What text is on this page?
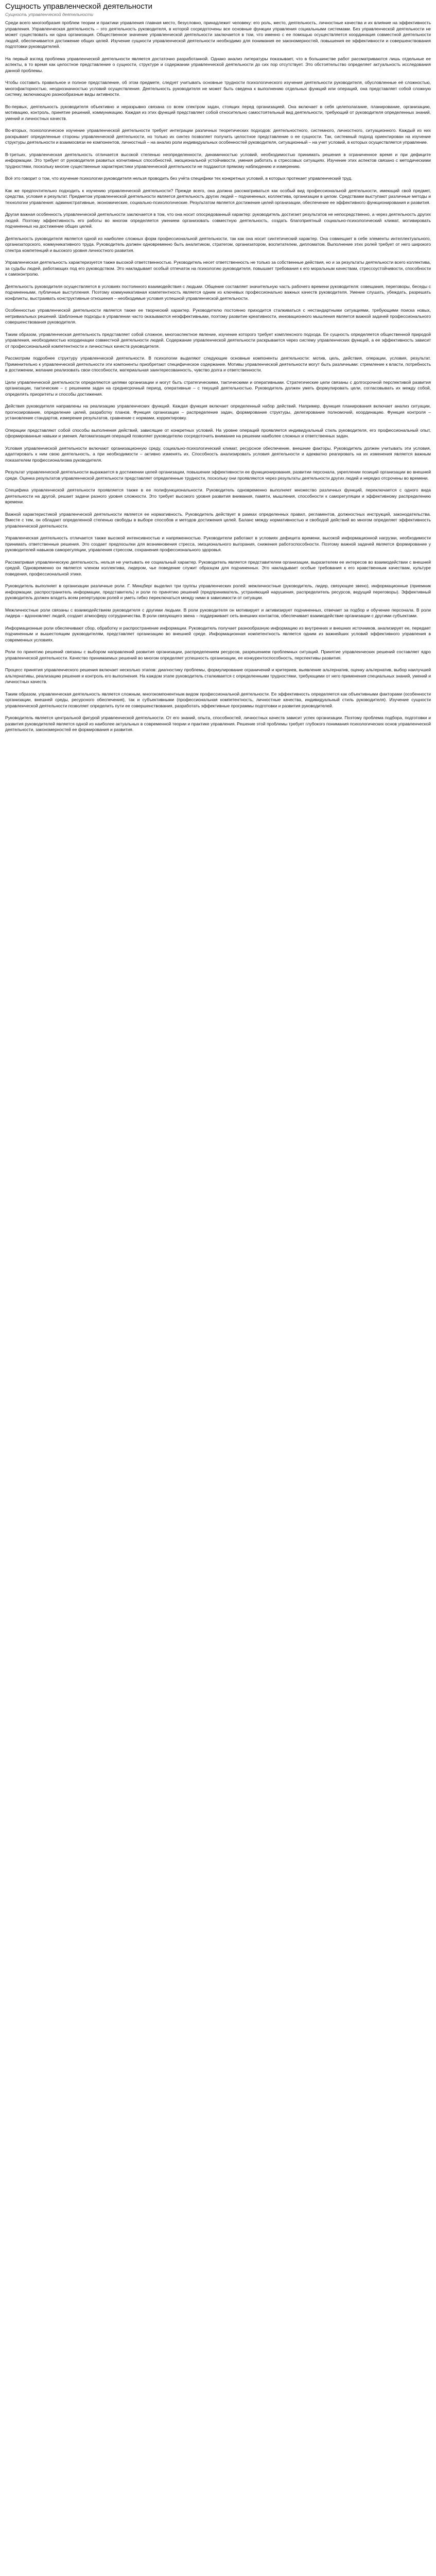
Сущность управленческой деятельности
Сущность управленческой деятельности

Среди всего многообразия проблем теории и практики управления главная место, безусловно, принадлежит человеку: его роль, место, деятельность, личностные качества и их влияние на эффективность управления. Управленческая деятельность – это деятельность руководителя, в которой сосредоточены все основные функции управления социальными системами. Без управленческой деятельности не может существовать ни одна организация. Общественное значение управленческой деятельности заключается в том, что именно с ее помощью осуществляется координация совместной деятельности людей, обеспечивается достижение общих целей. Изучение сущности управленческой деятельности необходимо для понимания ее закономерностей, повышения ее эффективности и совершенствования подготовки руководителей.

На первый взгляд проблема управленческой деятельности является достаточно разработанной. Однако анализ литературы показывает, что в большинстве работ рассматриваются лишь отдельные ее аспекты, в то время как целостное представление о сущности, структуре и содержании управленческой деятельности до сих пор отсутствует. Это обстоятельство определяет актуальность исследования данной проблемы.

Чтобы составить правильное и полное представление, об этом предмете, следует учитывать основные трудности психологического изучения деятельности руководителя, обусловленные её сложностью, многофакторностью, неоднозначностью условий осуществления. Деятельность руководителя не может быть сведена к выполнению отдельных функций или операций, она представляет собой сложную систему, включающую разнообразные виды активности.

Во-первых, деятельность руководителя объективно и неразрывно связана со всем спектром задач, стоящих перед организацией. Она включает в себя целеполагание, планирование, организацию, мотивацию, контроль, принятие решений, коммуникацию. Каждая из этих функций представляет собой относительно самостоятельный вид деятельности, требующий от руководителя определенных знаний, умений и личностных качеств.

Во-вторых, психологическое изучение управленческой деятельности требует интеграции различных теоретических подходов: деятельностного, системного, личностного, ситуационного. Каждый из них раскрывает определенные стороны управленческой деятельности, но только их синтез позволяет получить целостное представление о ее сущности. Так, системный подход ориентирован на изучение структуры деятельности и взаимосвязи ее компонентов, личностный – на анализ роли индивидуальных особенностей руководителя, ситуационный – на учет условий, в которых осуществляется управление.

В-третьих, управленческая деятельность отличается высокой степенью неопределенности, динамичностью условий, необходимостью принимать решения в ограниченное время и при дефиците информации. Это требует от руководителя развитых когнитивных способностей, эмоциональной устойчивости, умения работать в стрессовых ситуациях. Изучение этих аспектов связано с методическими трудностями, поскольку многие существенные характеристики управленческой деятельности не поддаются прямому наблюдению и измерению.

Всё это говорит о том, что изучение психологии руководителя нельзя проводить без учёта специфики тех конкретных условий, в которых протекает управленческий труд.

Как же предпочтительно подходить к изучению управленческой деятельности? Прежде всего, она должна рассматриваться как особый вид профессиональной деятельности, имеющий свой предмет, средства, условия и результат. Предметом управленческой деятельности является деятельность других людей – подчиненных, коллектива, организации в целом. Средствами выступают различные методы и технологии управления: административные, экономические, социально-психологические. Результатом является достижение целей организации, обеспечение ее эффективного функционирования и развития.

Другая важная особенность управленческой деятельности заключается в том, что она носит опосредованный характер: руководитель достигает результатов не непосредственно, а через деятельность других людей. Поэтому эффективность его работы во многом определяется умением организовать совместную деятельность, создать благоприятный социально-психологический климат, мотивировать подчиненных на достижение общих целей.

Деятельность руководителя является одной из наиболее сложных форм профессиональной деятельности, так как она носит синтетический характер. Она совмещает в себе элементы интеллектуального, организаторского, коммуникативного труда. Руководитель должен одновременно быть аналитиком, стратегом, организатором, воспитателем, дипломатом. Выполнение этих ролей требует от него широкого спектра компетенций и высокого уровня личностного развития.

Управленческая деятельность характеризуется также высокой ответственностью. Руководитель несет ответственность не только за собственные действия, но и за результаты деятельности всего коллектива, за судьбы людей, работающих под его руководством. Это накладывает особый отпечаток на психологию руководителя, повышает требования к его моральным качествам, стрессоустойчивости, способности к самоконтролю.

Деятельность руководителя осуществляется в условиях постоянного взаимодействия с людьми. Общение составляет значительную часть рабочего времени руководителя: совещания, переговоры, беседы с подчиненными, публичные выступления. Поэтому коммуникативная компетентность является одним из ключевых профессионально важных качеств руководителя. Умение слушать, убеждать, разрешать конфликты, выстраивать конструктивные отношения – необходимые условия успешной управленческой деятельности.

Особенностью управленческой деятельности является также ее творческий характер. Руководителю постоянно приходится сталкиваться с нестандартными ситуациями, требующими поиска новых, нетривиальных решений. Шаблонные подходы в управлении часто оказываются неэффективными, поэтому развитие креативности, инновационного мышления является важной задачей профессионального совершенствования руководителя.

Таким образом, управленческая деятельность представляет собой сложное, многоаспектное явление, изучение которого требует комплексного подхода. Ее сущность определяется общественной природой управления, необходимостью координации совместной деятельности людей. Содержание управленческой деятельности раскрывается через систему управленческих функций, а ее эффективность зависит от профессиональной компетентности и личностных качеств руководителя.

Рассмотрим подробнее структуру управленческой деятельности. В психологии выделяют следующие основные компоненты деятельности: мотив, цель, действия, операции, условия, результат. Применительно к управленческой деятельности эти компоненты приобретают специфическое содержание. Мотивы управленческой деятельности могут быть различными: стремление к власти, потребность в достижении, желание реализовать свои способности, материальная заинтересованность, чувство долга и ответственности.

Цели управленческой деятельности определяются целями организации и могут быть стратегическими, тактическими и оперативными. Стратегические цели связаны с долгосрочной перспективой развития организации, тактические – с решением задач на среднесрочный период, оперативные – с текущей деятельностью. Руководитель должен уметь формулировать цели, согласовывать их между собой, определять приоритеты и способы достижения.

Действия руководителя направлены на реализацию управленческих функций. Каждая функция включает определенный набор действий. Например, функция планирования включает анализ ситуации, прогнозирование, определение целей, разработку планов. Функция организации – распределение задач, формирование структуры, делегирование полномочий, координацию. Функция контроля – установление стандартов, измерение результатов, сравнение с нормами, корректировку.

Операции представляют собой способы выполнения действий, зависящие от конкретных условий. На уровне операций проявляется индивидуальный стиль руководителя, его профессиональный опыт, сформированные навыки и умения. Автоматизация операций позволяет руководителю сосредоточить внимание на решении наиболее сложных и ответственных задач.

Условия управленческой деятельности включают организационную среду, социально-психологический климат, ресурсное обеспечение, внешние факторы. Руководитель должен учитывать эти условия, адаптировать к ним свою деятельность, а при необходимости – активно изменять их. Способность анализировать условия деятельности и адекватно реагировать на их изменения является важным показателем профессионализма руководителя.

Результат управленческой деятельности выражается в достижении целей организации, повышении эффективности ее функционирования, развитии персонала, укреплении позиций организации во внешней среде. Оценка результатов управленческой деятельности представляет определенные трудности, поскольку они проявляются через результаты деятельности других людей и нередко отсрочены во времени.

Специфика управленческой деятельности проявляется также в ее полифункциональности. Руководитель одновременно выполняет множество различных функций, переключается с одного вида деятельности на другой, решает задачи разного уровня сложности. Это требует высокого уровня развития внимания, памяти, мышления, способности к саморегуляции и эффективному распределению времени.

Важной характеристикой управленческой деятельности является ее нормативность. Руководитель действует в рамках определенных правил, регламентов, должностных инструкций, законодательства. Вместе с тем, он обладает определенной степенью свободы в выборе способов и методов достижения целей. Баланс между нормативностью и свободой действий во многом определяет эффективность управленческой деятельности.

Управленческая деятельность отличается также высокой интенсивностью и напряженностью. Руководители работают в условиях дефицита времени, высокой информационной нагрузки, необходимости принимать ответственные решения. Это создает предпосылки для возникновения стресса, эмоционального выгорания, снижения работоспособности. Поэтому важной задачей является формирование у руководителей навыков саморегуляции, управления стрессом, сохранения профессионального здоровья.

Рассматривая управленческую деятельность, нельзя не учитывать ее социальный характер. Руководитель является представителем организации, выразителем ее интересов во взаимодействии с внешней средой. Одновременно он является членом коллектива, лидером, чье поведение служит образцом для подчиненных. Это накладывает особые требования к его нравственным качествам, культуре поведения, профессиональной этике.

Руководитель выполняет в организации различные роли. Г. Минцберг выделил три группы управленческих ролей: межличностные (руководитель, лидер, связующее звено), информационные (приемник информации, распространитель информации, представитель) и роли по принятию решений (предприниматель, устраняющий нарушения, распределитель ресурсов, ведущий переговоры). Эффективный руководитель должен владеть всем репертуаром ролей и уметь гибко переключаться между ними в зависимости от ситуации.

Межличностные роли связаны с взаимодействием руководителя с другими людьми. В роли руководителя он мотивирует и активизирует подчиненных, отвечает за подбор и обучение персонала. В роли лидера – вдохновляет людей, создает атмосферу сотрудничества. В роли связующего звена – поддерживает сеть внешних контактов, обеспечивает взаимодействие организации с другими субъектами.

Информационные роли обеспечивают сбор, обработку и распространение информации. Руководитель получает разнообразную информацию из внутренних и внешних источников, анализирует ее, передает подчиненным и вышестоящим руководителям, представляет организацию во внешней среде. Информационная компетентность является одним из важнейших условий эффективного управления в современных условиях.

Роли по принятию решений связаны с выбором направлений развития организации, распределением ресурсов, разрешением проблемных ситуаций. Принятие управленческих решений составляет ядро управленческой деятельности. Качество принимаемых решений во многом определяет успешность организации, ее конкурентоспособность, перспективы развития.

Процесс принятия управленческого решения включает несколько этапов: диагностику проблемы, формулирование ограничений и критериев, выявление альтернатив, оценку альтернатив, выбор наилучшей альтернативы, реализацию решения и контроль его выполнения. На каждом этапе руководитель сталкивается с определенными трудностями, требующими от него применения специальных знаний, умений и личностных качеств.

Таким образом, управленческая деятельность является сложным, многокомпонентным видом профессиональной деятельности. Ее эффективность определяется как объективными факторами (особенности организации, внешней среды, ресурсного обеспечения), так и субъективными (профессиональная компетентность, личностные качества, индивидуальный стиль руководителя). Изучение сущности управленческой деятельности позволяет определить пути ее совершенствования, разработать эффективные программы подготовки и развития руководителей.

Руководитель является центральной фигурой управленческой деятельности. От его знаний, опыта, способностей, личностных качеств зависит успех организации. Поэтому проблема подбора, подготовки и развития руководителей является одной из наиболее актуальных в современной теории и практике управления. Решение этой проблемы требует глубокого понимания психологических основ управленческой деятельности, закономерностей ее формирования и развития.
